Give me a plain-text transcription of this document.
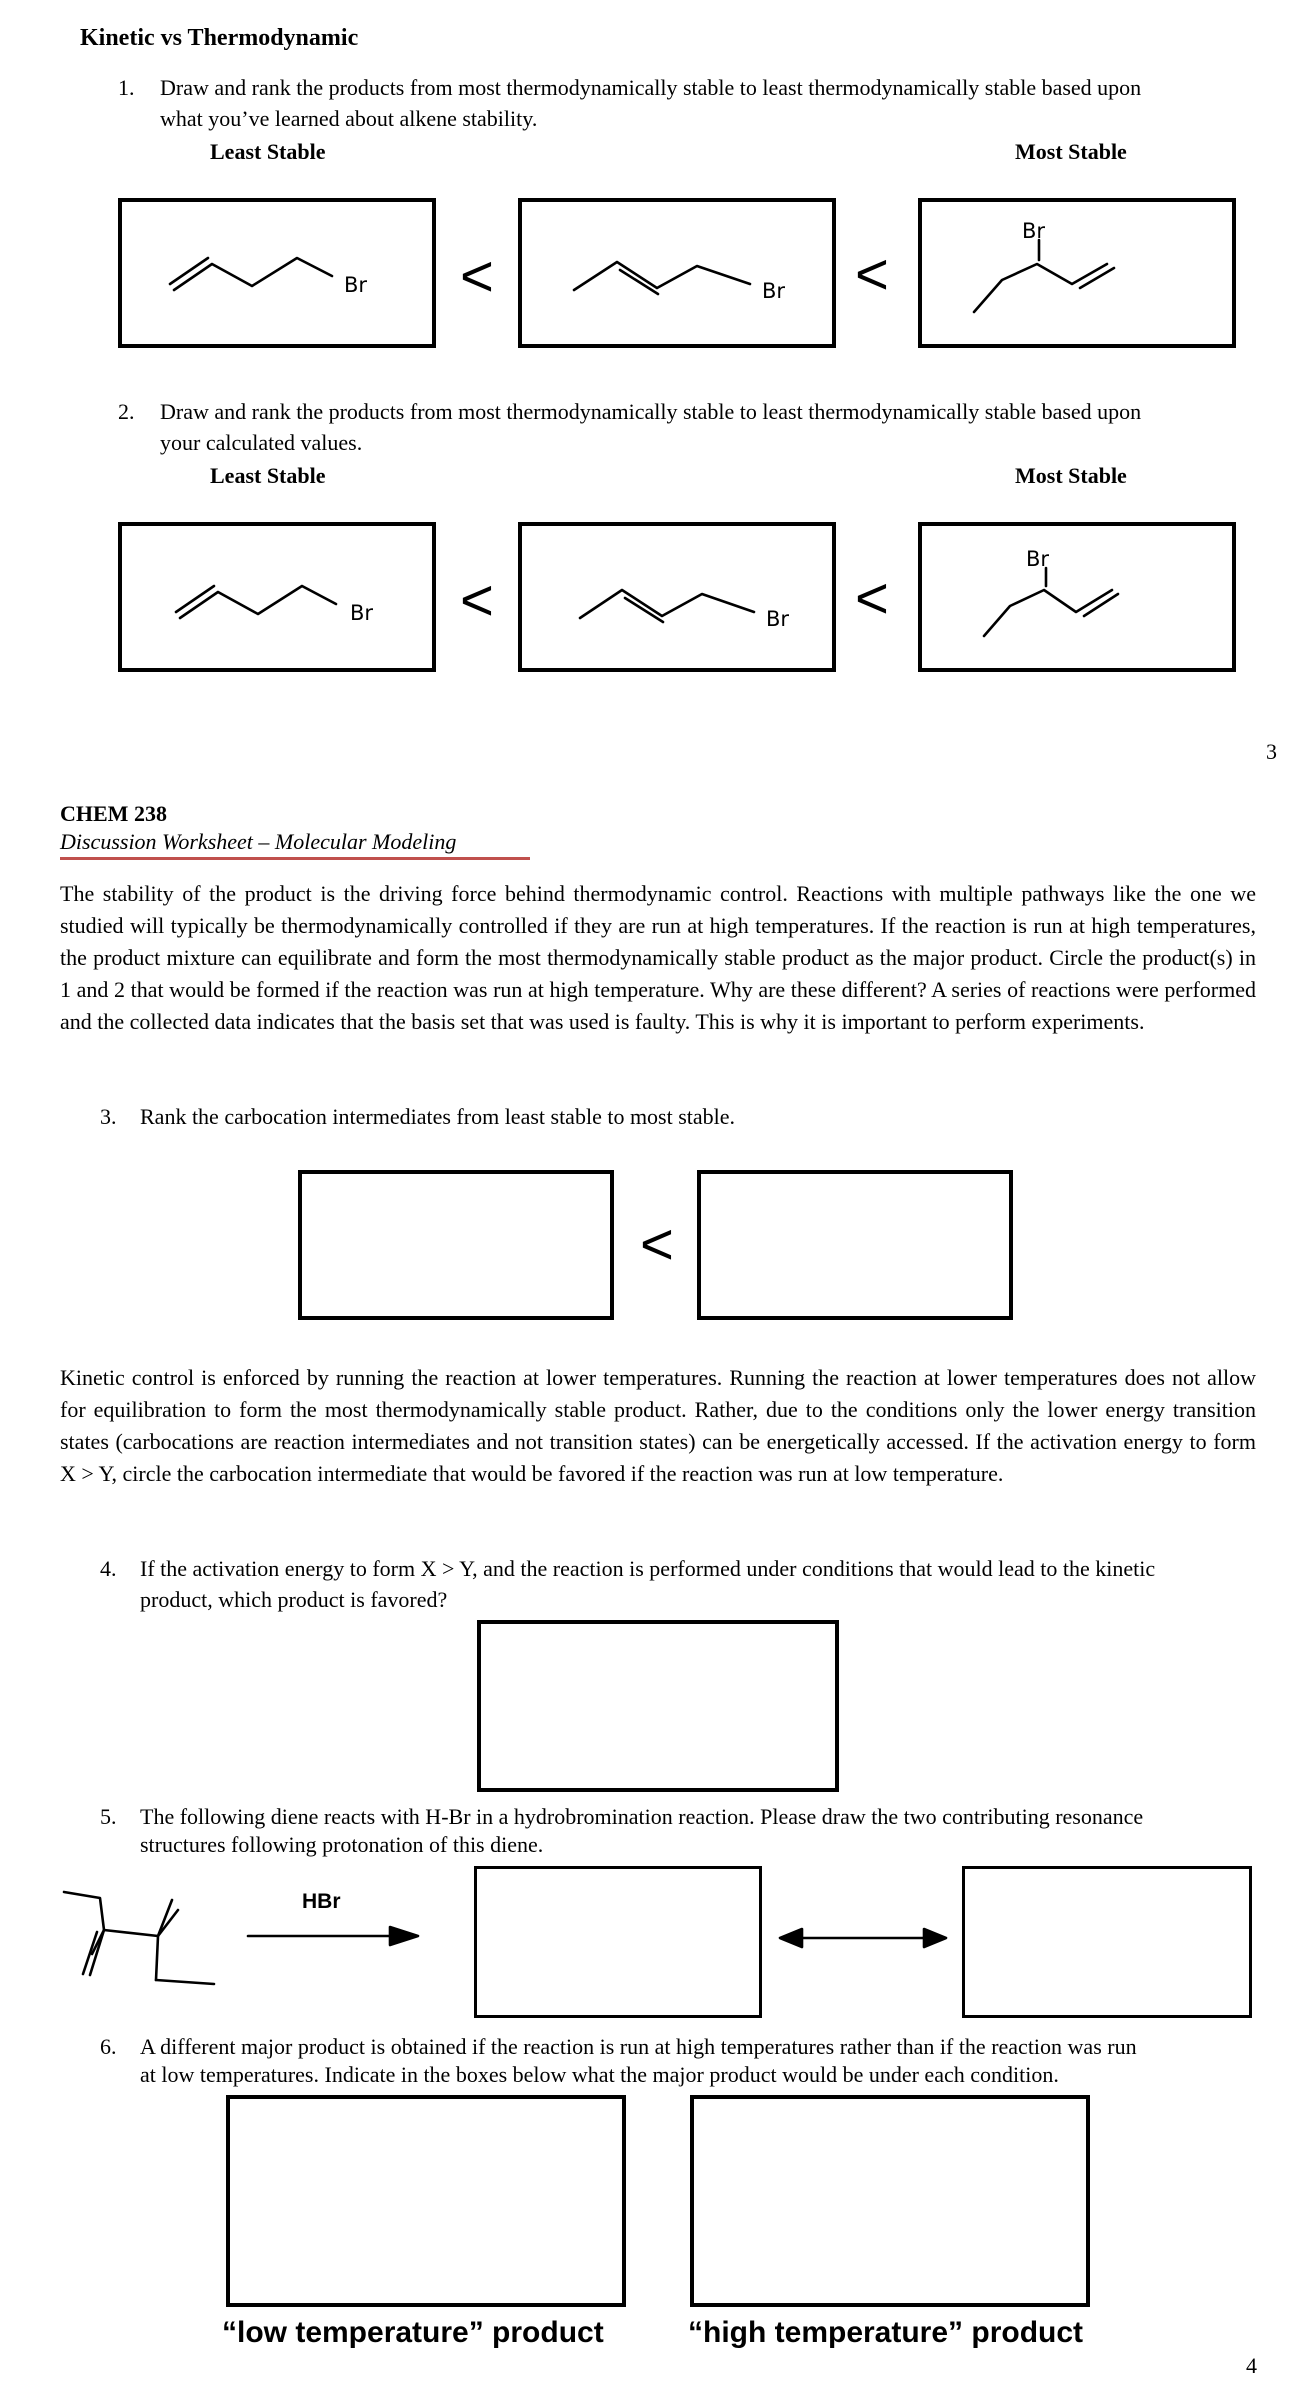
Kinetic vs Thermodynamic
1. Draw and rank the products from most thermodynamically stable to least thermodynamically stable based upon
what you’ve learned about alkene stability.
Least Stable	Most Stable
Br <	Br <
Br
2. Draw and rank the products from most thermodynamically stable to least thermodynamically stable based upon
your calculated values.
Least Stable	Most Stable
Br <	Br <
Br
3
CHEM 238
Discussion Worksheet – Molecular Modeling
The stability of the product is the driving force behind thermodynamic control. Reactions with multiple pathways like the one we studied will typically be thermodynamically controlled if they are run at high temperatures. If the reaction is run at high temperatures, the product mixture can equilibrate and form the most thermodynamically stable product as the major product. Circle the product(s) in 1 and 2 that would be formed if the reaction was run at high temperature. Why are these different? A series of reactions were performed and the collected data indicates that the basis set that was used is faulty. This is why it is important to perform experiments.
3. Rank the carbocation intermediates from least stable to most stable.
<
Kinetic control is enforced by running the reaction at lower temperatures. Running the reaction at lower temperatures does not allow for equilibration to form the most thermodynamically stable product. Rather, due to the conditions only the lower energy transition states (carbocations are reaction intermediates and not transition states) can be energetically accessed. If the activation energy to form X > Y, circle the carbocation intermediate that would be favored if the reaction was run at low temperature.
4. If the activation energy to form X > Y, and the reaction is performed under conditions that would lead to the kinetic
product, which product is favored?
5. The following diene reacts with H-Br in a hydrobromination reaction. Please draw the two contributing resonance
structures following protonation of this diene.
HBr
6. A different major product is obtained if the reaction is run at high temperatures rather than if the reaction was run
at low temperatures. Indicate in the boxes below what the major product would be under each condition.
“low temperature” product	“high temperature” product
4
